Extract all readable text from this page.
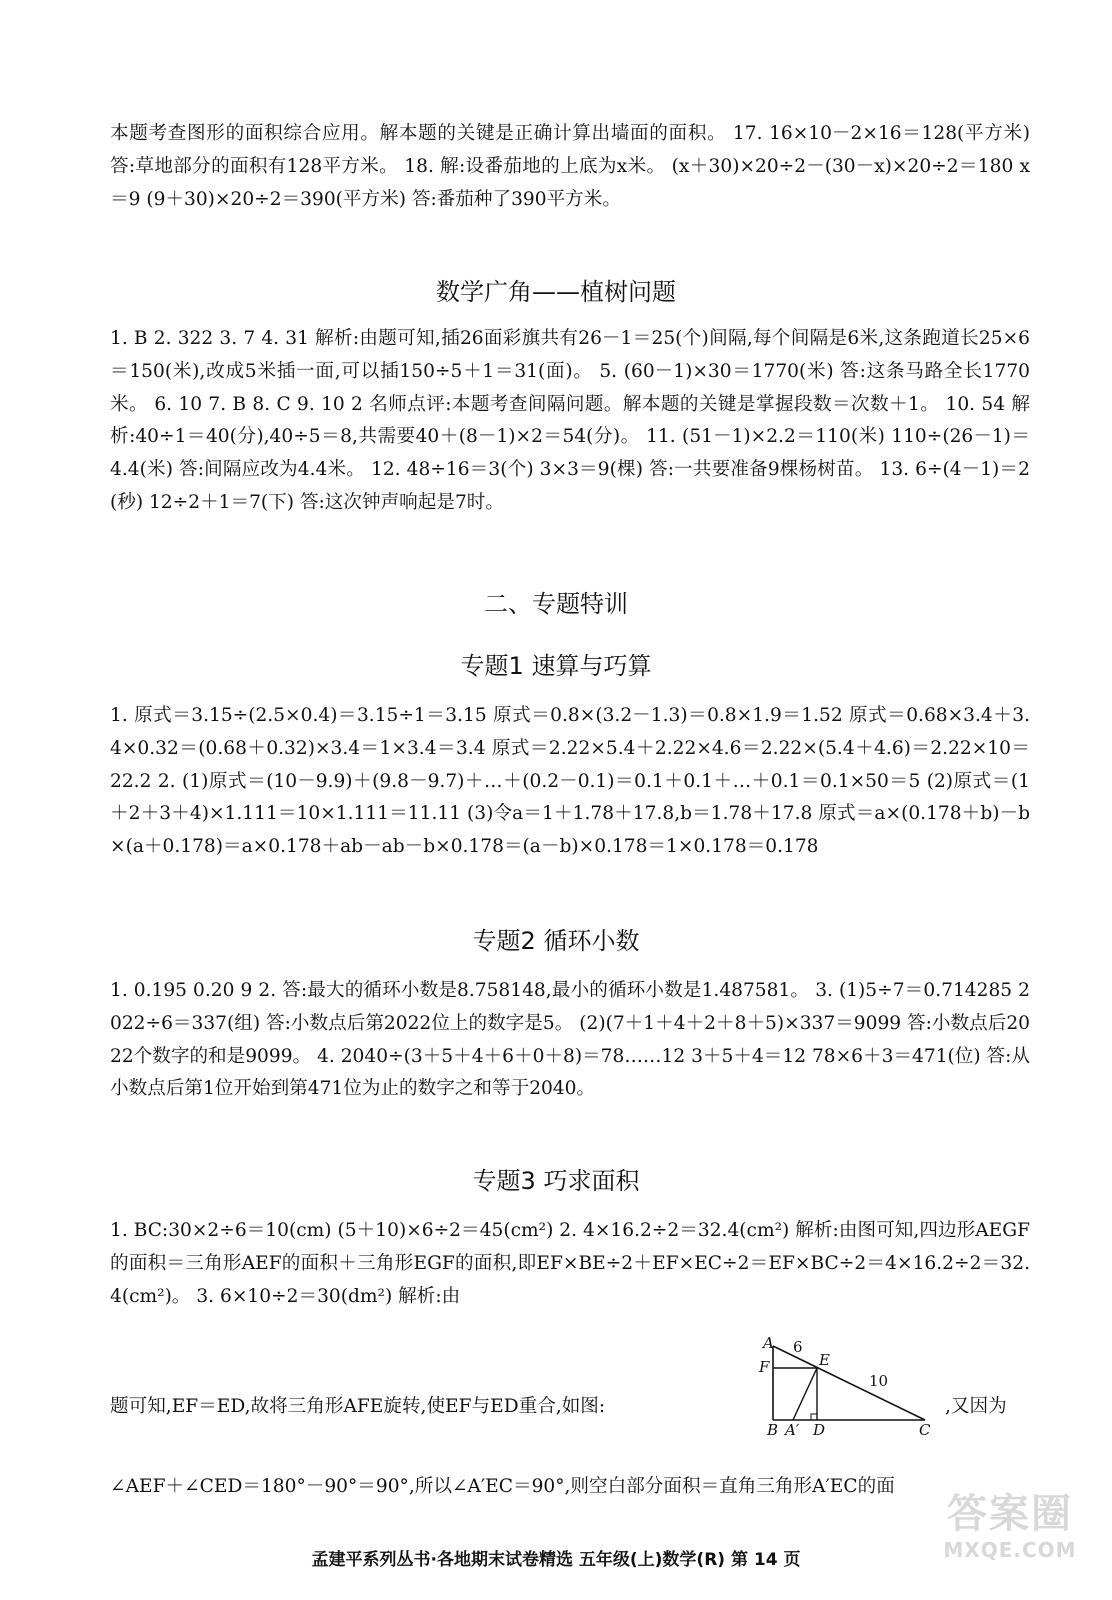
本题考查图形的面积综合应用。解本题的关键是正确计算出墙面的面积。 17. 16×10－2×16＝128(平方米) 答:草地部分的面积有128平方米。 18. 解:设番茄地的上底为x米。 (x＋30)×20÷2－(30－x)×20÷2＝180 x＝9 (9＋30)×20÷2＝390(平方米) 答:番茄种了390平方米。

数学广角——植树问题

1. B 2. 322 3. 7 4. 31 解析:由题可知,插26面彩旗共有26－1＝25(个)间隔,每个间隔是6米,这条跑道长25×6＝150(米),改成5米插一面,可以插150÷5＋1＝31(面)。 5. (60－1)×30＝1770(米) 答:这条马路全长1770米。 6. 10 7. B 8. C 9. 10 2 名师点评:本题考查间隔问题。解本题的关键是掌握段数＝次数＋1。 10. 54 解析:40÷1＝40(分),40÷5＝8,共需要40＋(8－1)×2＝54(分)。 11. (51－1)×2.2＝110(米) 110÷(26－1)＝4.4(米) 答:间隔应改为4.4米。 12. 48÷16＝3(个) 3×3＝9(棵) 答:一共要准备9棵杨树苗。 13. 6÷(4－1)＝2(秒) 12÷2＋1＝7(下) 答:这次钟声响起是7时。

二、专题特训
专题1 速算与巧算

1. 原式＝3.15÷(2.5×0.4)＝3.15÷1＝3.15 原式＝0.8×(3.2－1.3)＝0.8×1.9＝1.52 原式＝0.68×3.4＋3.4×0.32＝(0.68＋0.32)×3.4＝1×3.4＝3.4 原式＝2.22×5.4＋2.22×4.6＝2.22×(5.4＋4.6)＝2.22×10＝22.2 2. (1)原式＝(10－9.9)＋(9.8－9.7)＋…＋(0.2－0.1)＝0.1＋0.1＋…＋0.1＝0.1×50＝5 (2)原式＝(1＋2＋3＋4)×1.111＝10×1.111＝11.11 (3)令a＝1＋1.78＋17.8,b＝1.78＋17.8 原式＝a×(0.178＋b)－b×(a＋0.178)＝a×0.178＋ab－ab－b×0.178＝(a－b)×0.178＝1×0.178＝0.178

专题2 循环小数

1. 0.195 0.20 9 2. 答:最大的循环小数是8.758148,最小的循环小数是1.487581。 3. (1)5÷7＝0.714285 2022÷6＝337(组) 答:小数点后第2022位上的数字是5。 (2)(7＋1＋4＋2＋8＋5)×337＝9099 答:小数点后2022个数字的和是9099。 4. 2040÷(3＋5＋4＋6＋0＋8)＝78……12 3＋5＋4＝12 78×6＋3＝471(位) 答:从小数点后第1位开始到第471位为止的数字之和等于2040。

专题3 巧求面积

1. BC:30×2÷6＝10(cm) (5＋10)×6÷2＝45(cm²) 2. 4×16.2÷2＝32.4(cm²) 解析:由图可知,四边形AEGF的面积＝三角形AEF的面积＋三角形EGF的面积,即EF×BE÷2＋EF×EC÷2＝EF×BC÷2＝4×16.2÷2＝32.4(cm²)。 3. 6×10÷2＝30(dm²) 解析:由

题可知,EF＝ED,故将三角形AFE旋转,使EF与ED重合,如图:
A
F	E
B A′ D	C
6
10
,又因为
∠AEF＋∠CED＝180°－90°＝90°,所以∠A′EC＝90°,则空白部分面积＝直角三角形A′EC的面
孟建平系列丛书·各地期末试卷精选 五年级(上)数学(R) 第 14 页
答案圈
MXQE.COM
